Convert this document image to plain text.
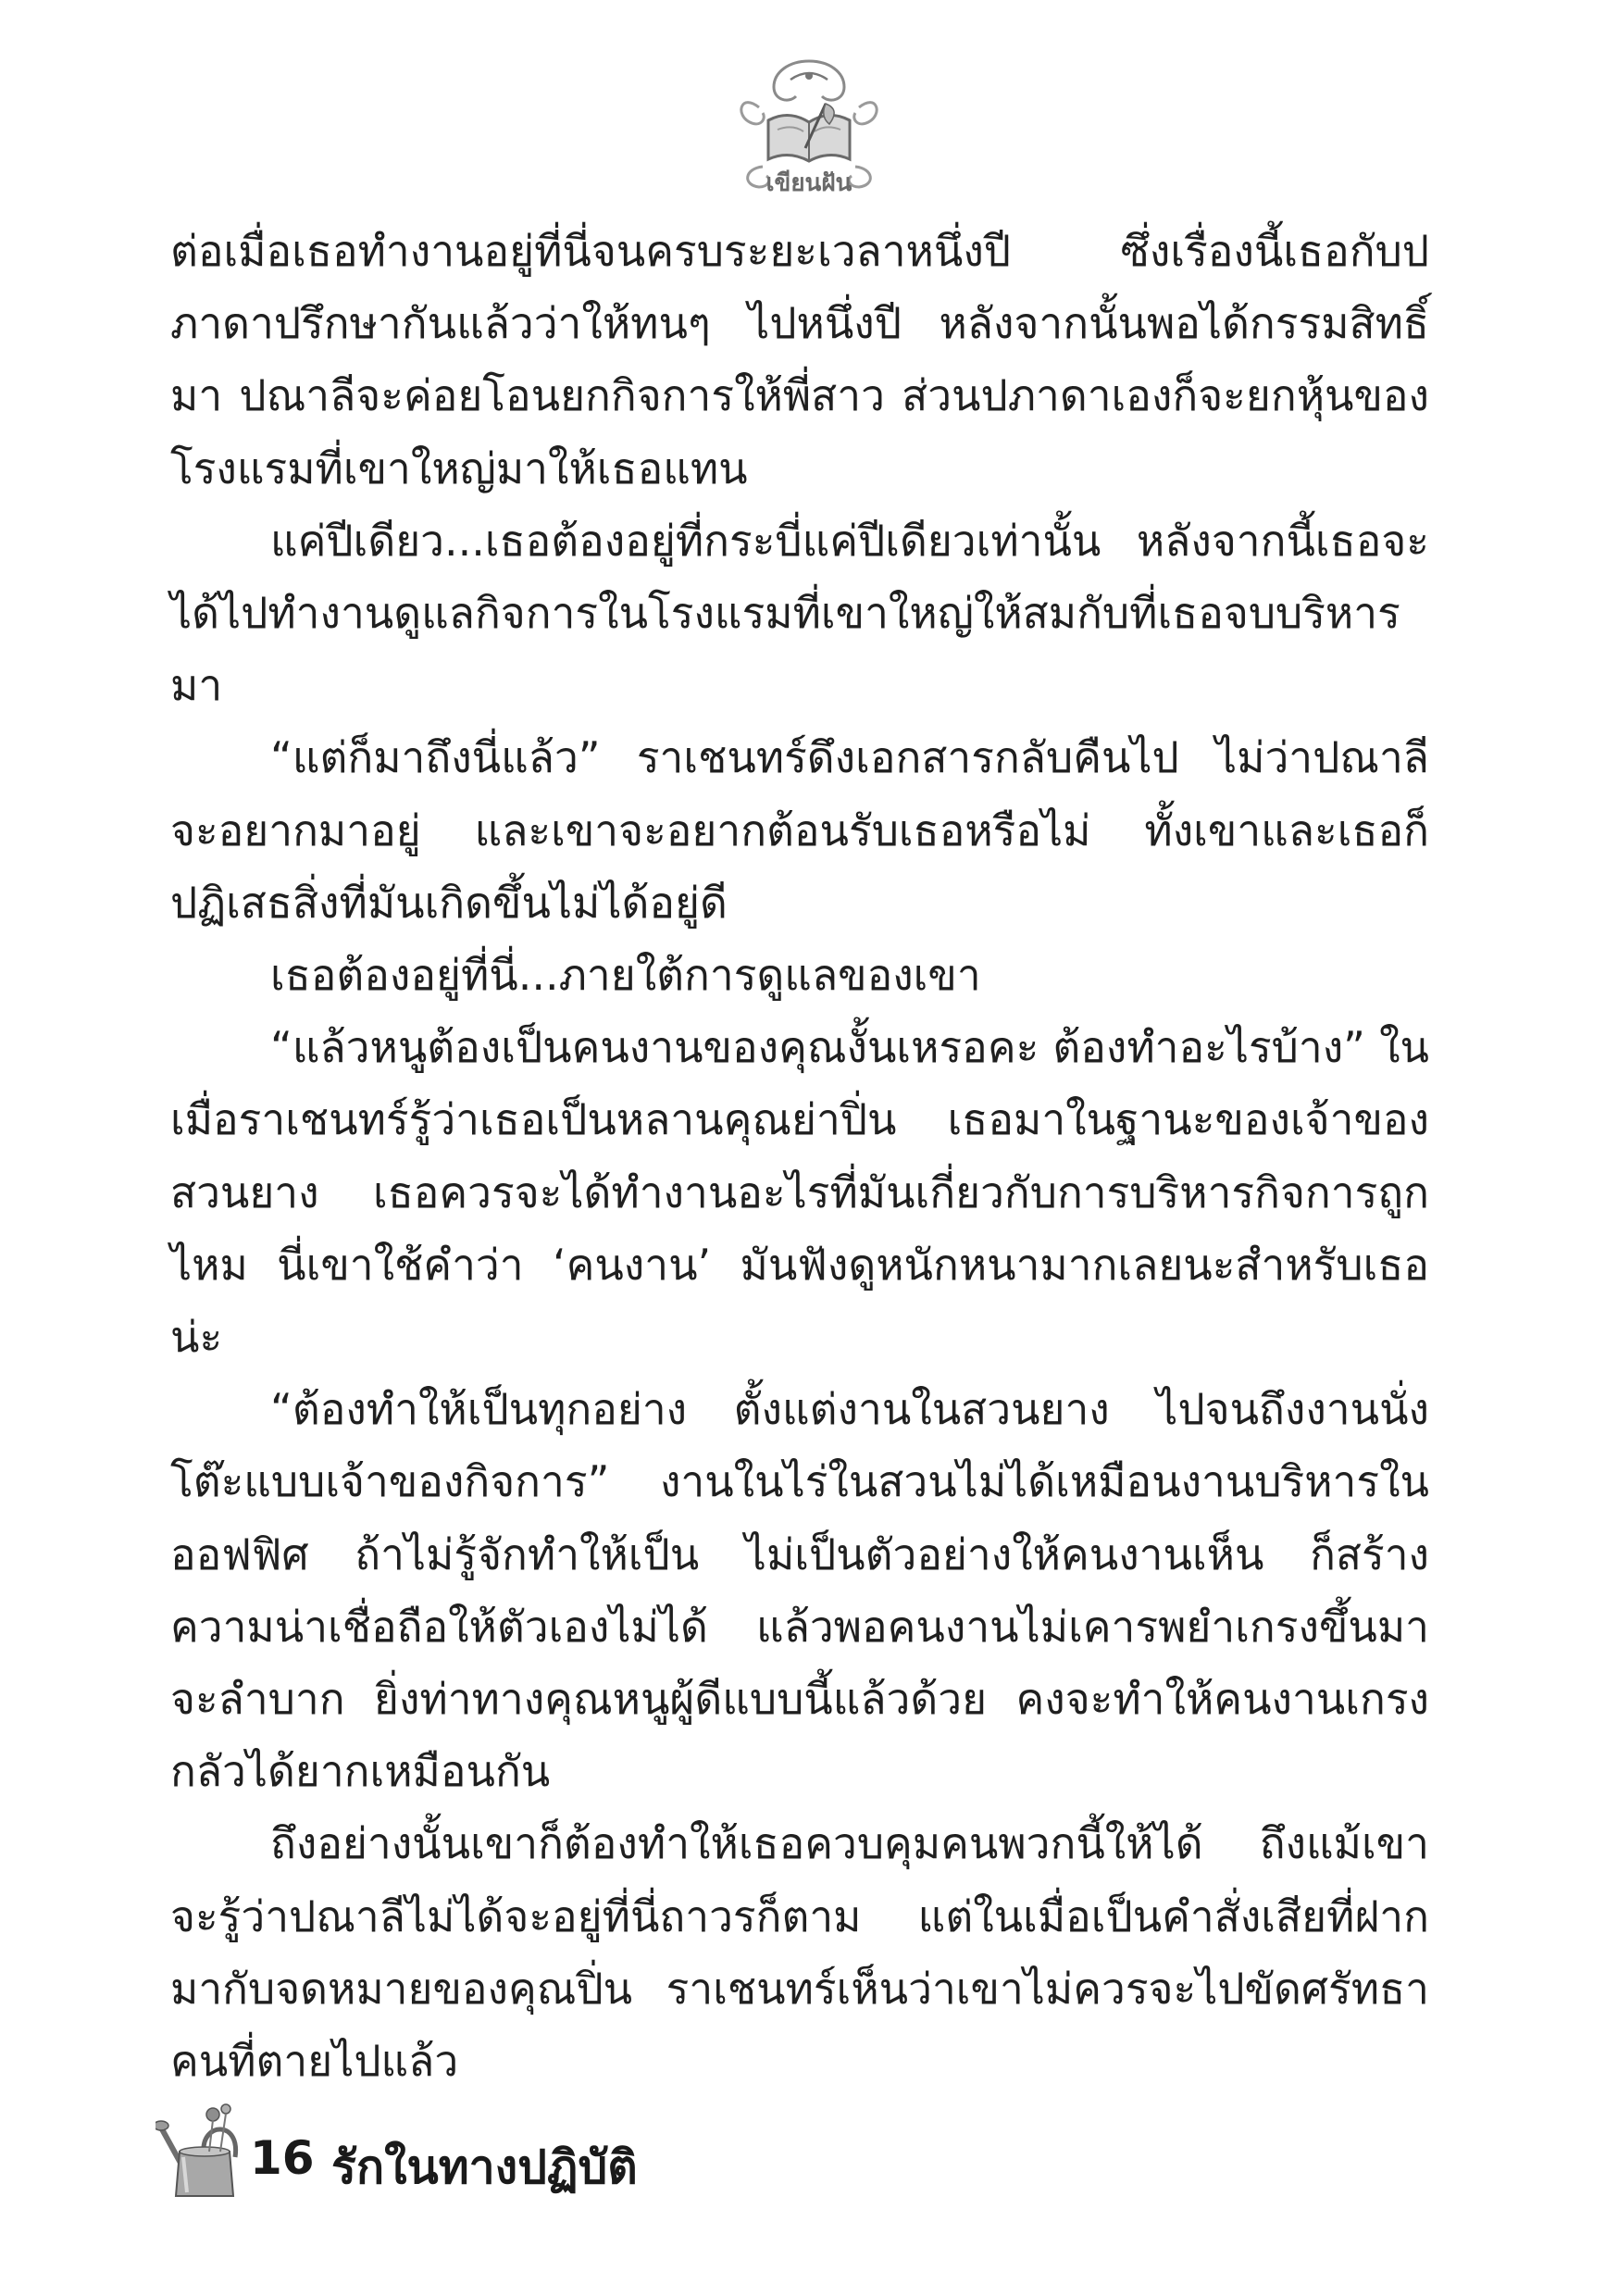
เขียนฝัน

ต่อเมื่อเธอทำงานอยู่ที่นี่จนครบระยะเวลาหนึ่งปี ซึ่งเรื่องนี้เธอกับปภาดาปรึกษากันแล้วว่าให้ทนๆ ไปหนึ่งปี หลังจากนั้นพอได้กรรมสิทธิ์มา ปณาลีจะค่อยโอนยกกิจการให้พี่สาว ส่วนปภาดาเองก็จะยกหุ้นของโรงแรมที่เขาใหญ่มาให้เธอแทน

แค่ปีเดียว...เธอต้องอยู่ที่กระบี่แค่ปีเดียวเท่านั้น หลังจากนี้เธอจะได้ไปทำงานดูแลกิจการในโรงแรมที่เขาใหญ่ให้สมกับที่เธอจบบริหารมา

“แต่ก็มาถึงนี่แล้ว” ราเชนทร์ดึงเอกสารกลับคืนไป ไม่ว่าปณาลีจะอยากมาอยู่ และเขาจะอยากต้อนรับเธอหรือไม่ ทั้งเขาและเธอก็ปฏิเสธสิ่งที่มันเกิดขึ้นไม่ได้อยู่ดี

เธอต้องอยู่ที่นี่...ภายใต้การดูแลของเขา

“แล้วหนูต้องเป็นคนงานของคุณงั้นเหรอคะ ต้องทำอะไรบ้าง” ในเมื่อราเชนทร์รู้ว่าเธอเป็นหลานคุณย่าปิ่น เธอมาในฐานะของเจ้าของสวนยาง เธอควรจะได้ทำงานอะไรที่มันเกี่ยวกับการบริหารกิจการถูกไหม นี่เขาใช้คำว่า ‘คนงาน’ มันฟังดูหนักหนามากเลยนะสำหรับเธอน่ะ

“ต้องทำให้เป็นทุกอย่าง ตั้งแต่งานในสวนยาง ไปจนถึงงานนั่งโต๊ะแบบเจ้าของกิจการ” งานในไร่ในสวนไม่ได้เหมือนงานบริหารในออฟฟิศ ถ้าไม่รู้จักทำให้เป็น ไม่เป็นตัวอย่างให้คนงานเห็น ก็สร้างความน่าเชื่อถือให้ตัวเองไม่ได้ แล้วพอคนงานไม่เคารพยำเกรงขึ้นมาจะลำบาก ยิ่งท่าทางคุณหนูผู้ดีแบบนี้แล้วด้วย คงจะทำให้คนงานเกรงกลัวได้ยากเหมือนกัน

ถึงอย่างนั้นเขาก็ต้องทำให้เธอควบคุมคนพวกนี้ให้ได้ ถึงแม้เขาจะรู้ว่าปณาลีไม่ได้จะอยู่ที่นี่ถาวรก็ตาม แต่ในเมื่อเป็นคำสั่งเสียที่ฝากมากับจดหมายของคุณปิ่น ราเชนทร์เห็นว่าเขาไม่ควรจะไปขัดศรัทธาคนที่ตายไปแล้ว

16 รักในทางปฏิบัติ
